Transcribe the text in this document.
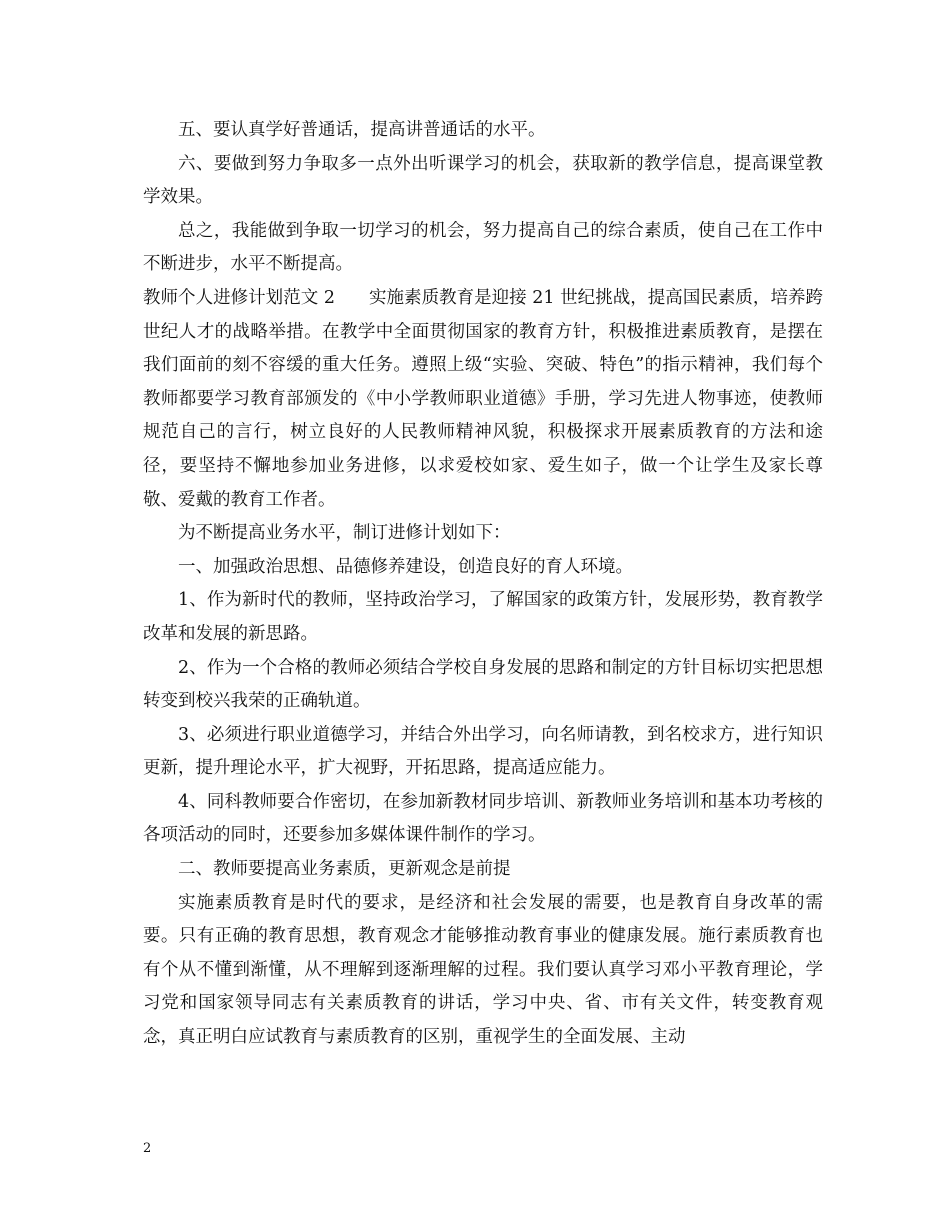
五、要认真学好普通话，提高讲普通话的水平。

六、要做到努力争取多一点外出听课学习的机会，获取新的教学信息，提高课堂教学效果。

总之，我能做到争取一切学习的机会，努力提高自己的综合素质，使自己在工作中不断进步，水平不断提高。

教师个人进修计划范文 2 实施素质教育是迎接 21 世纪挑战，提高国民素质，培养跨世纪人才的战略举措。在教学中全面贯彻国家的教育方针，积极推进素质教育，是摆在我们面前的刻不容缓的重大任务。遵照上级“实验、突破、特色”的指示精神，我们每个教师都要学习教育部颁发的《中小学教师职业道德》手册，学习先进人物事迹，使教师规范自己的言行，树立良好的人民教师精神风貌，积极探求开展素质教育的方法和途径，要坚持不懈地参加业务进修，以求爱校如家、爱生如子，做一个让学生及家长尊敬、爱戴的教育工作者。

为不断提高业务水平，制订进修计划如下：

一、加强政治思想、品德修养建设，创造良好的育人环境。

1、作为新时代的教师，坚持政治学习，了解国家的政策方针，发展形势，教育教学改革和发展的新思路。

2、作为一个合格的教师必须结合学校自身发展的思路和制定的方针目标切实把思想转变到校兴我荣的正确轨道。

3、必须进行职业道德学习，并结合外出学习，向名师请教，到名校求方，进行知识更新，提升理论水平，扩大视野，开拓思路，提高适应能力。

4、同科教师要合作密切，在参加新教材同步培训、新教师业务培训和基本功考核的各项活动的同时，还要参加多媒体课件制作的学习。

二、教师要提高业务素质，更新观念是前提

实施素质教育是时代的要求，是经济和社会发展的需要，也是教育自身改革的需要。只有正确的教育思想，教育观念才能够推动教育事业的健康发展。施行素质教育也有个从不懂到渐懂，从不理解到逐渐理解的过程。我们要认真学习邓小平教育理论，学习党和国家领导同志有关素质教育的讲话，学习中央、省、市有关文件，转变教育观念，真正明白应试教育与素质教育的区别，重视学生的全面发展、主动

2
